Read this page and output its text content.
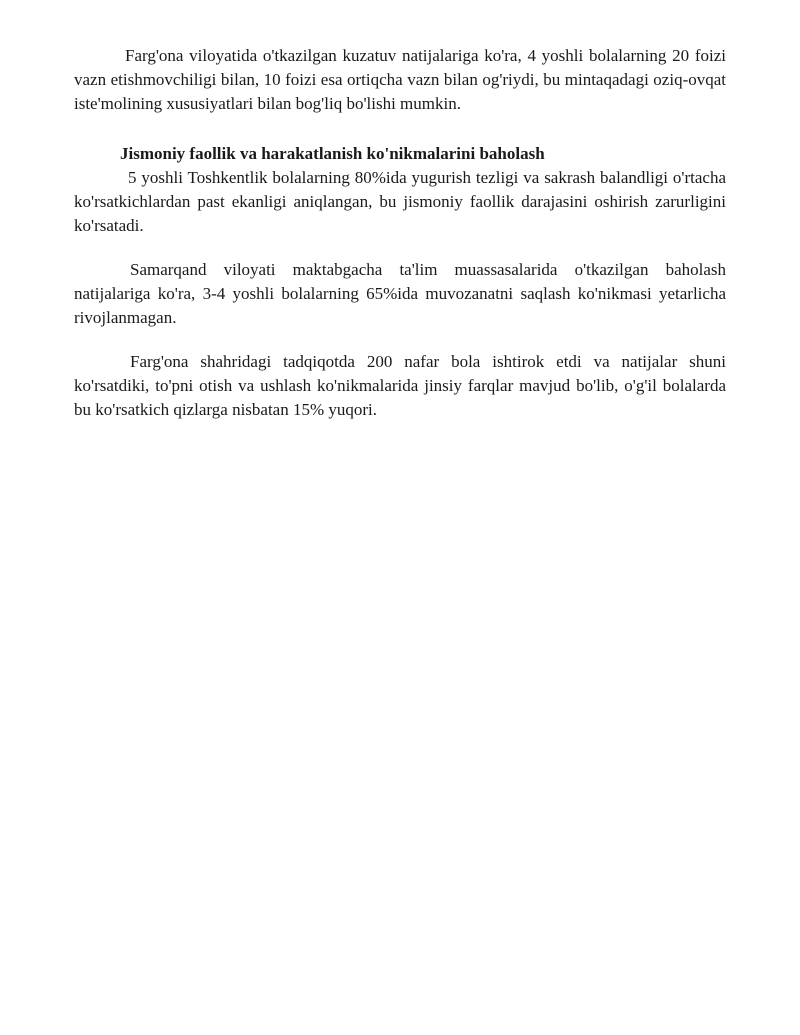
Farg'ona viloyatida o'tkazilgan kuzatuv natijalariga ko'ra, 4 yoshli bolalarning 20 foizi vazn etishmovchiligi bilan, 10 foizi esa ortiqcha vazn bilan og'riydi, bu mintaqadagi oziq-ovqat iste'molining xususiyatlari bilan bog'liq bo'lishi mumkin.

Jismoniy faollik va harakatlanish ko'nikmalarini baholash

5 yoshli Toshkentlik bolalarning 80%ida yugurish tezligi va sakrash balandligi o'rtacha ko'rsatkichlardan past ekanligi aniqlangan, bu jismoniy faollik darajasini oshirish zarurligini ko'rsatadi.

Samarqand viloyati maktabgacha ta'lim muassasalarida o'tkazilgan baholash natijalariga ko'ra, 3-4 yoshli bolalarning 65%ida muvozanatni saqlash ko'nikmasi yetarlicha rivojlanmagan.

Farg'ona shahridagi tadqiqotda 200 nafar bola ishtirok etdi va natijalar shuni ko'rsatdiki, to'pni otish va ushlash ko'nikmalarida jinsiy farqlar mavjud bo'lib, o'g'il bolalarda bu ko'rsatkich qizlarga nisbatan 15% yuqori.
